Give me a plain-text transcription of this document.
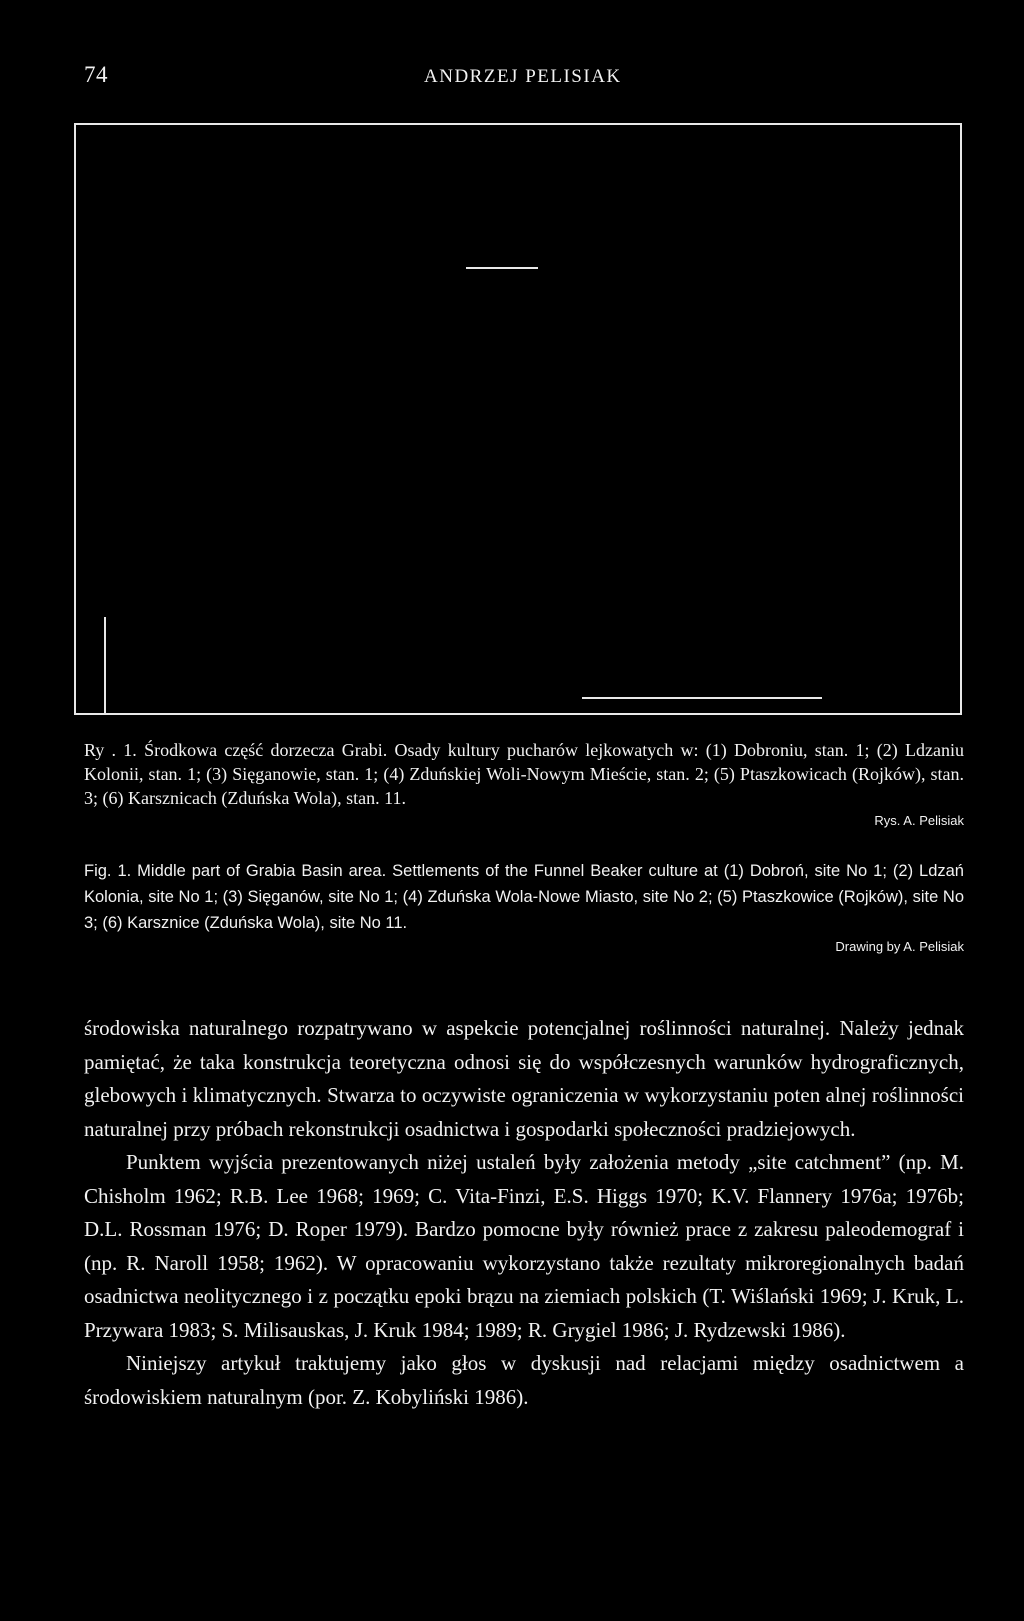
74	ANDRZEJ PELISIAK
Ry . 1. Środkowa część dorzecza Grabi. Osady kultury pucharów lejkowatych w: (1) Dobroniu, stan. 1; (2) Ldzaniu Kolonii, stan. 1; (3) Sięganowie, stan. 1; (4) Zduńskiej Woli-Nowym Mieście, stan. 2; (5) Ptaszkowicach (Rojków), stan. 3; (6) Karsznicach (Zduńska Wola), stan. 11.
Rys. A. Pelisiak
Fig. 1. Middle part of Grabia Basin area. Settlements of the Funnel Beaker culture at (1) Dobroń, site No 1; (2) Ldzań Kolonia, site No 1; (3) Sięganów, site No 1; (4) Zduńska Wola-Nowe Miasto, site No 2; (5) Ptaszkowice (Rojków), site No 3; (6) Karsznice (Zduńska Wola), site No 11.
Drawing by A. Pelisiak

środowiska naturalnego rozpatrywano w aspekcie potencjalnej roślinności naturalnej. Należy jednak pamiętać, że taka konstrukcja teoretyczna odnosi się do współczesnych warunków hydrograficznych, glebowych i klimatycznych. Stwarza to oczywiste ograniczenia w wykorzystaniu poten alnej roślinności naturalnej przy próbach rekonstrukcji osadnictwa i gospodarki społeczności pradziejowych.

Punktem wyjścia prezentowanych niżej ustaleń były założenia metody „site catchment” (np. M. Chisholm 1962; R.B. Lee 1968; 1969; C. Vita-Finzi, E.S. Higgs 1970; K.V. Flannery 1976a; 1976b; D.L. Rossman 1976; D. Roper 1979). Bardzo pomocne były również prace z zakresu paleodemograf i (np. R. Naroll 1958; 1962). W opracowaniu wykorzystano także rezultaty mikroregionalnych badań osadnictwa neolitycznego i z początku epoki brązu na ziemiach polskich (T. Wiślański 1969; J. Kruk, L. Przywara 1983; S. Milisauskas, J. Kruk 1984; 1989; R. Grygiel 1986; J. Rydzewski 1986).

Niniejszy artykuł traktujemy jako głos w dyskusji nad relacjami między osadnictwem a środowiskiem naturalnym (por. Z. Kobyliński 1986).
